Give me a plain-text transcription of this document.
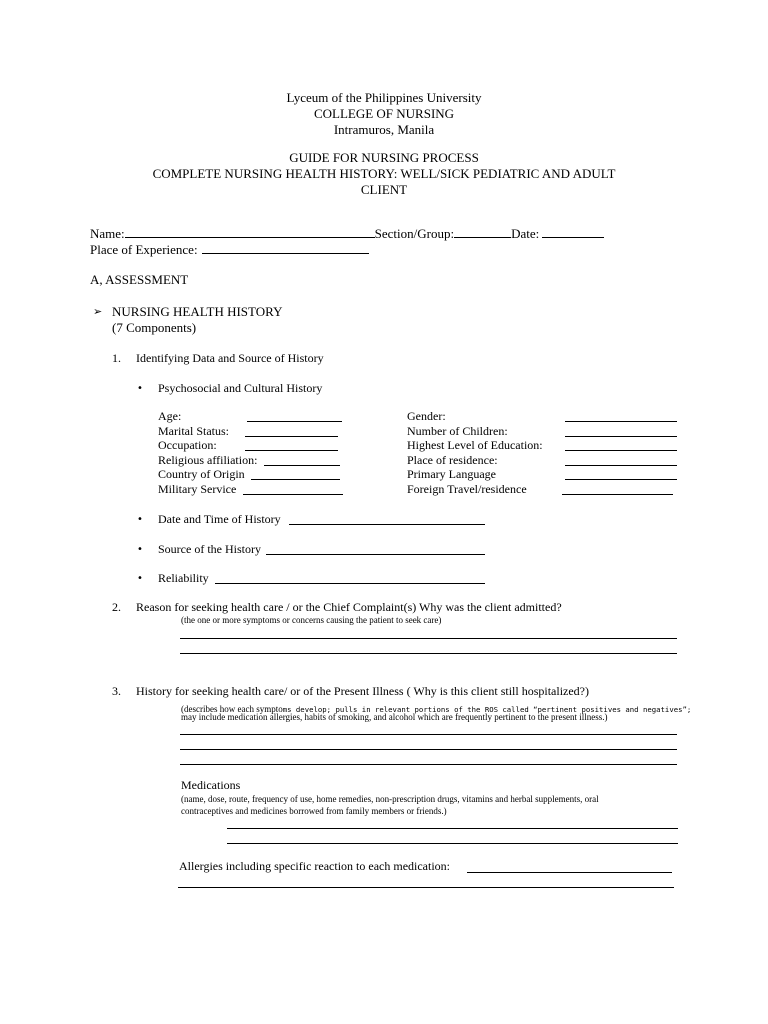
Lyceum of the Philippines University
COLLEGE OF NURSING
Intramuros, Manila
GUIDE FOR NURSING PROCESS
COMPLETE NURSING HEALTH HISTORY: WELL/SICK PEDIATRIC AND ADULT
CLIENT
Name:	Section/Group:	Date:
Place of Experience:
A, ASSESSMENT
➢ NURSING HEALTH HISTORY
(7 Components)
1. Identifying Data and Source of History
• Psychosocial and Cultural History
Age:
Marital Status:
Occupation:
Religious affiliation:
Country of Origin
Military Service
Gender:
Number of Children:
Highest Level of Education:
Place of residence:
Primary Language
Foreign Travel/residence
• Date and Time of History
• Source of the History
• Reliability
2. Reason for seeking health care / or the Chief Complaint(s) Why was the client admitted?
(the one or more symptoms or concerns causing the patient to seek care)
3. History for seeking health care/ or of the Present Illness ( Why is this client still hospitalized?)
(describes how each symptoms develop; pulls in relevant portions of the ROS called “pertinent positives and negatives”;
may include medication allergies, habits of smoking, and alcohol which are frequently pertinent to the present illness.)
Medications
(name, dose, route, frequency of use, home remedies, non-prescription drugs, vitamins and herbal supplements, oral
contraceptives and medicines borrowed from family members or friends.)
Allergies including specific reaction to each medication:
